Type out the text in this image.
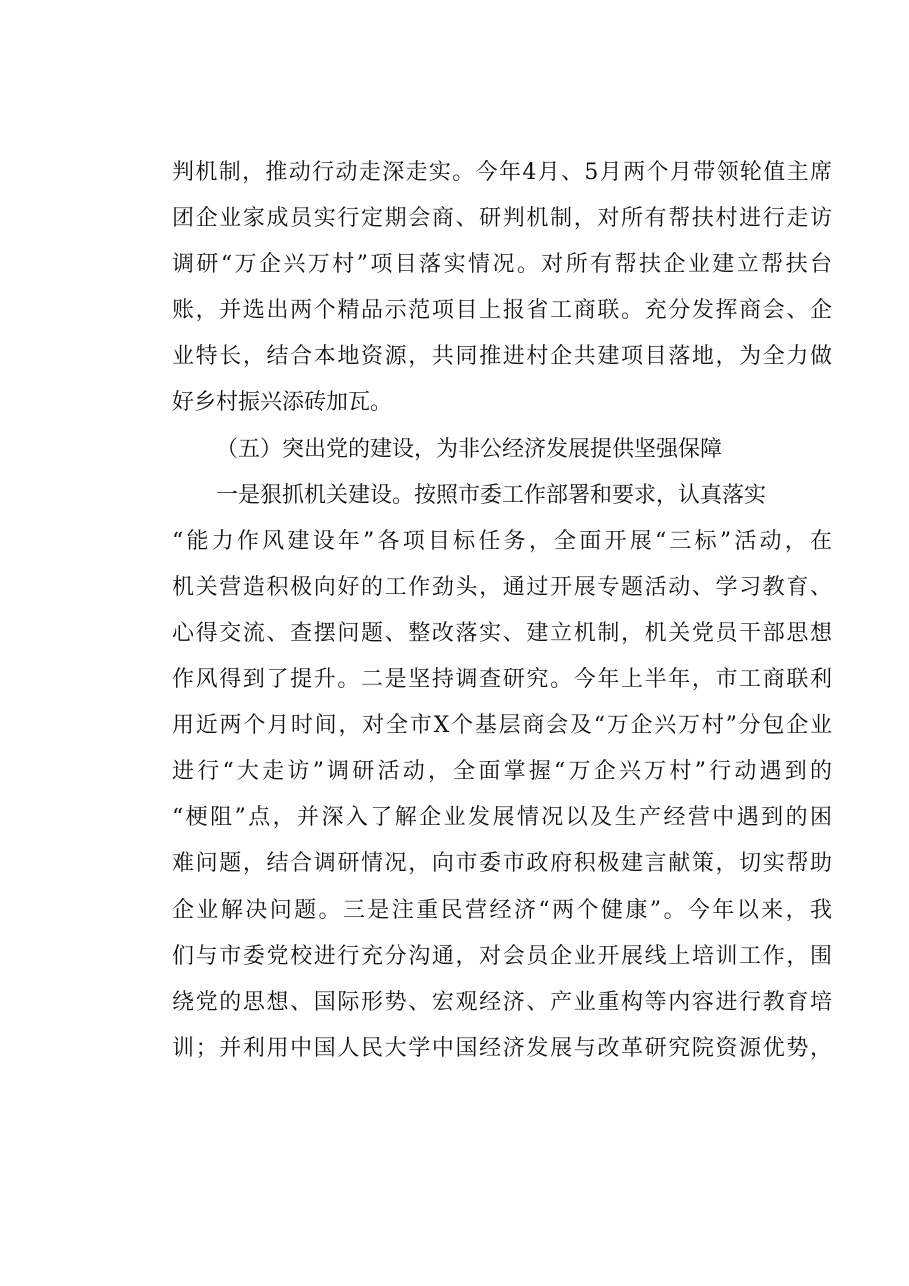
判机制，推动行动走深走实。今年4月、5月两个月带领轮值主席
团企业家成员实行定期会商、研判机制，对所有帮扶村进行走访
调研“万企兴万村”项目落实情况。对所有帮扶企业建立帮扶台
账，并选出两个精品示范项目上报省工商联。充分发挥商会、企
业特长，结合本地资源，共同推进村企共建项目落地，为全力做
好乡村振兴添砖加瓦。
（五）突出党的建设，为非公经济发展提供坚强保障
一是狠抓机关建设。按照市委工作部署和要求，认真落实
“能力作风建设年”各项目标任务，全面开展“三标”活动，在
机关营造积极向好的工作劲头，通过开展专题活动、学习教育、
心得交流、查摆问题、整改落实、建立机制，机关党员干部思想
作风得到了提升。二是坚持调查研究。今年上半年，市工商联利
用近两个月时间，对全市X个基层商会及“万企兴万村”分包企业
进行“大走访”调研活动，全面掌握“万企兴万村”行动遇到的
“梗阻”点，并深入了解企业发展情况以及生产经营中遇到的困
难问题，结合调研情况，向市委市政府积极建言献策，切实帮助
企业解决问题。三是注重民营经济“两个健康”。今年以来，我
们与市委党校进行充分沟通，对会员企业开展线上培训工作，围
绕党的思想、国际形势、宏观经济、产业重构等内容进行教育培
训；并利用中国人民大学中国经济发展与改革研究院资源优势，
